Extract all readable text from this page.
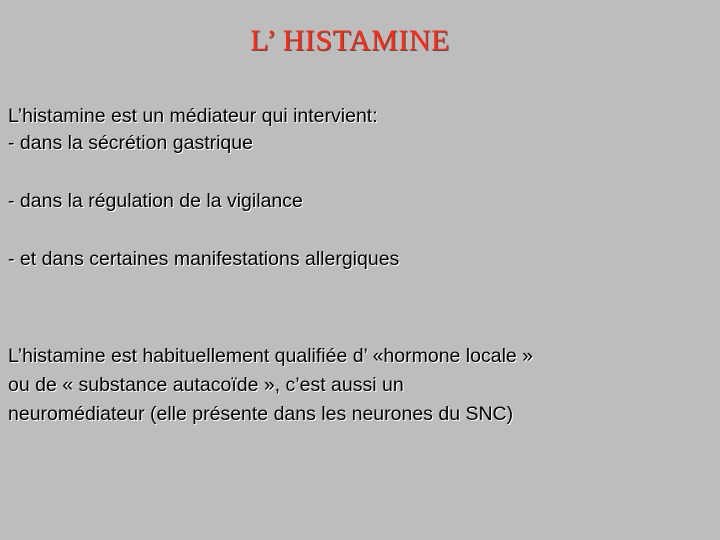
L’ HISTAMINE
L’histamine est un médiateur qui intervient:
- dans la sécrétion gastrique
- dans la régulation de la vigilance
- et dans certaines manifestations allergiques
L’histamine est habituellement qualifiée d’ «hormone locale »
ou de « substance autacoïde », c’est aussi un
neuromédiateur (elle présente dans les neurones du SNC)
